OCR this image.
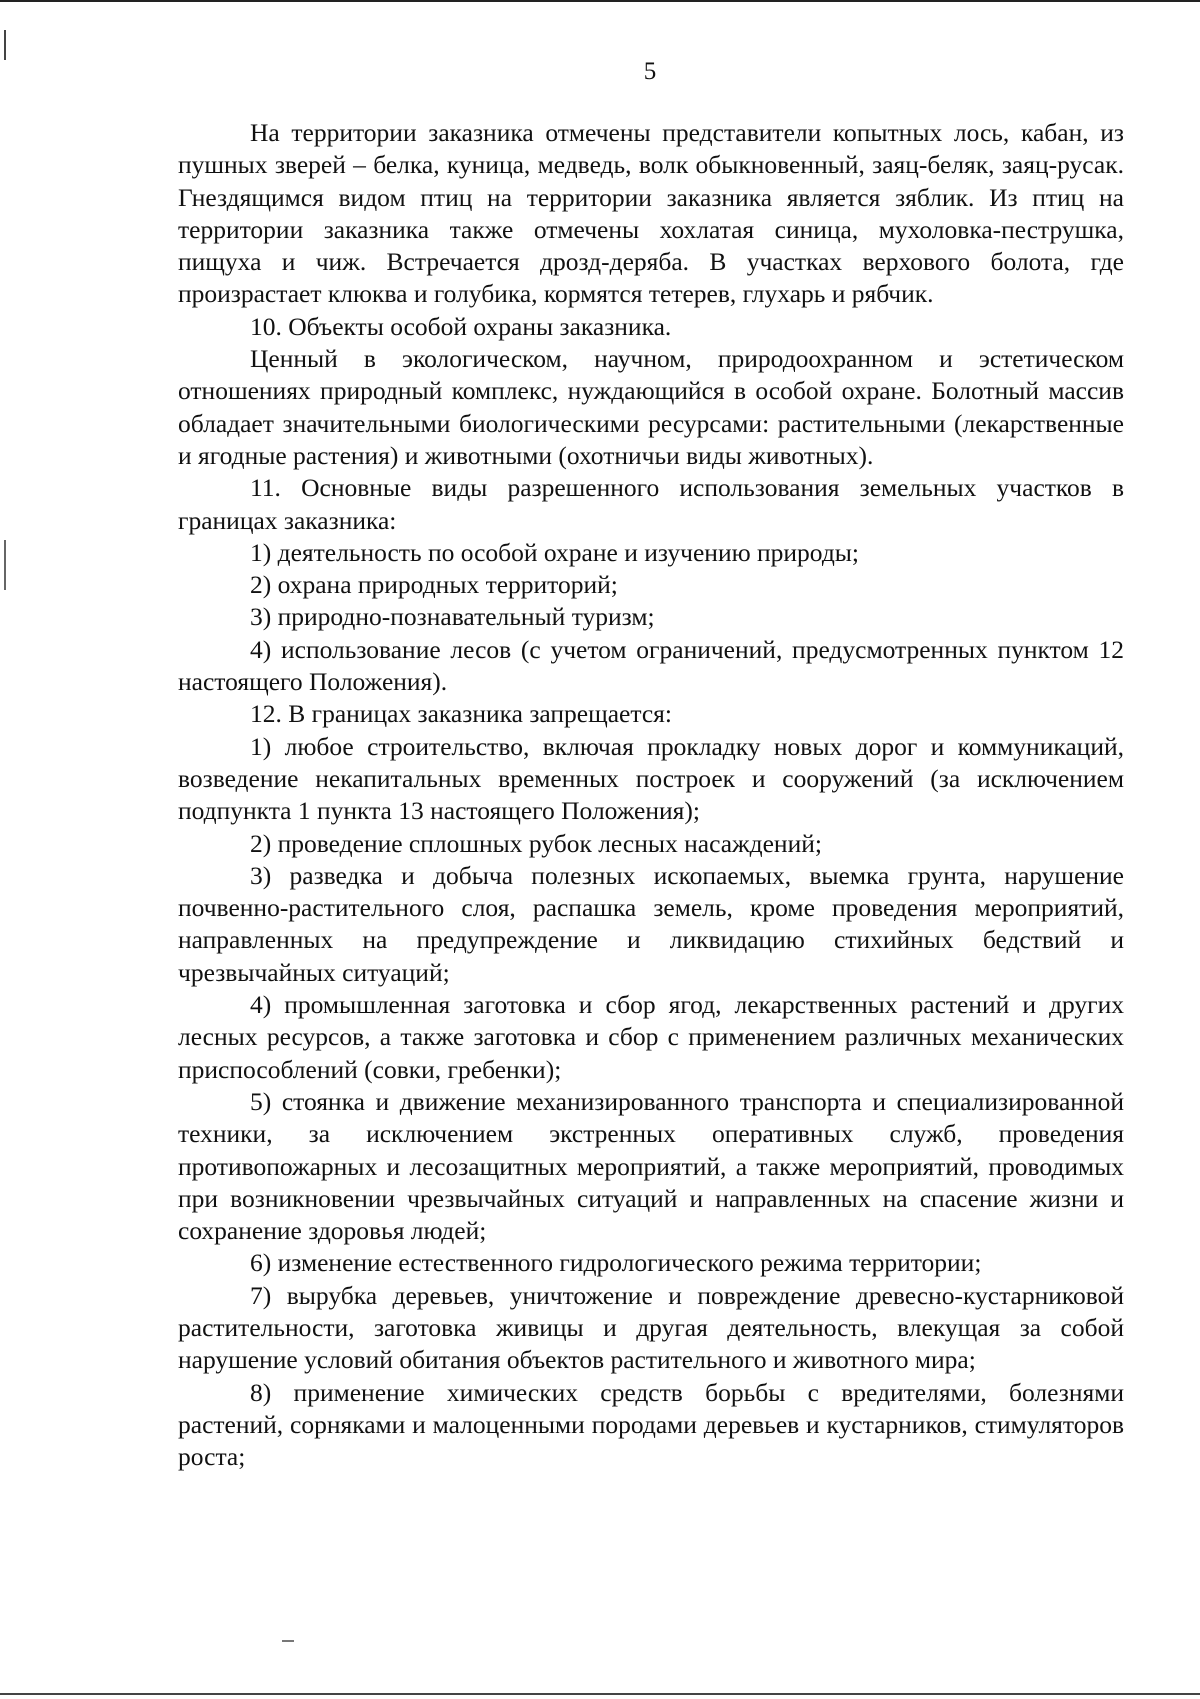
5

На территории заказника отмечены представители копытных лось, кабан, из пушных зверей – белка, куница, медведь, волк обыкновенный, заяц-беляк, заяц-русак. Гнездящимся видом птиц на территории заказника является зяблик. Из птиц на территории заказника также отмечены хохлатая синица, мухоловка-пеструшка, пищуха и чиж. Встречается дрозд-деряба. В участках верхового болота, где произрастает клюква и голубика, кормятся тетерев, глухарь и рябчик.

10. Объекты особой охраны заказника.

Ценный в экологическом, научном, природоохранном и эстетическом отношениях природный комплекс, нуждающийся в особой охране. Болотный массив обладает значительными биологическими ресурсами: растительными (лекарственные и ягодные растения) и животными (охотничьи виды животных).

11. Основные виды разрешенного использования земельных участков в границах заказника:

1) деятельность по особой охране и изучению природы;

2) охрана природных территорий;

3) природно-познавательный туризм;

4) использование лесов (с учетом ограничений, предусмотренных пунктом 12 настоящего Положения).

12. В границах заказника запрещается:

1) любое строительство, включая прокладку новых дорог и коммуникаций, возведение некапитальных временных построек и сооружений (за исключением подпункта 1 пункта 13 настоящего Положения);

2) проведение сплошных рубок лесных насаждений;

3) разведка и добыча полезных ископаемых, выемка грунта, нарушение почвенно-растительного слоя, распашка земель, кроме проведения мероприятий, направленных на предупреждение и ликвидацию стихийных бедствий и чрезвычайных ситуаций;

4) промышленная заготовка и сбор ягод, лекарственных растений и других лесных ресурсов, а также заготовка и сбор с применением различных механических приспособлений (совки, гребенки);

5) стоянка и движение механизированного транспорта и специализированной техники, за исключением экстренных оперативных служб, проведения противопожарных и лесозащитных мероприятий, а также мероприятий, проводимых при возникновении чрезвычайных ситуаций и направленных на спасение жизни и сохранение здоровья людей;

6) изменение естественного гидрологического режима территории;

7) вырубка деревьев, уничтожение и повреждение древесно-кустарниковой растительности, заготовка живицы и другая деятельность, влекущая за собой нарушение условий обитания объектов растительного и животного мира;

8) применение химических средств борьбы с вредителями, болезнями растений, сорняками и малоценными породами деревьев и кустарников, стимуляторов роста;
